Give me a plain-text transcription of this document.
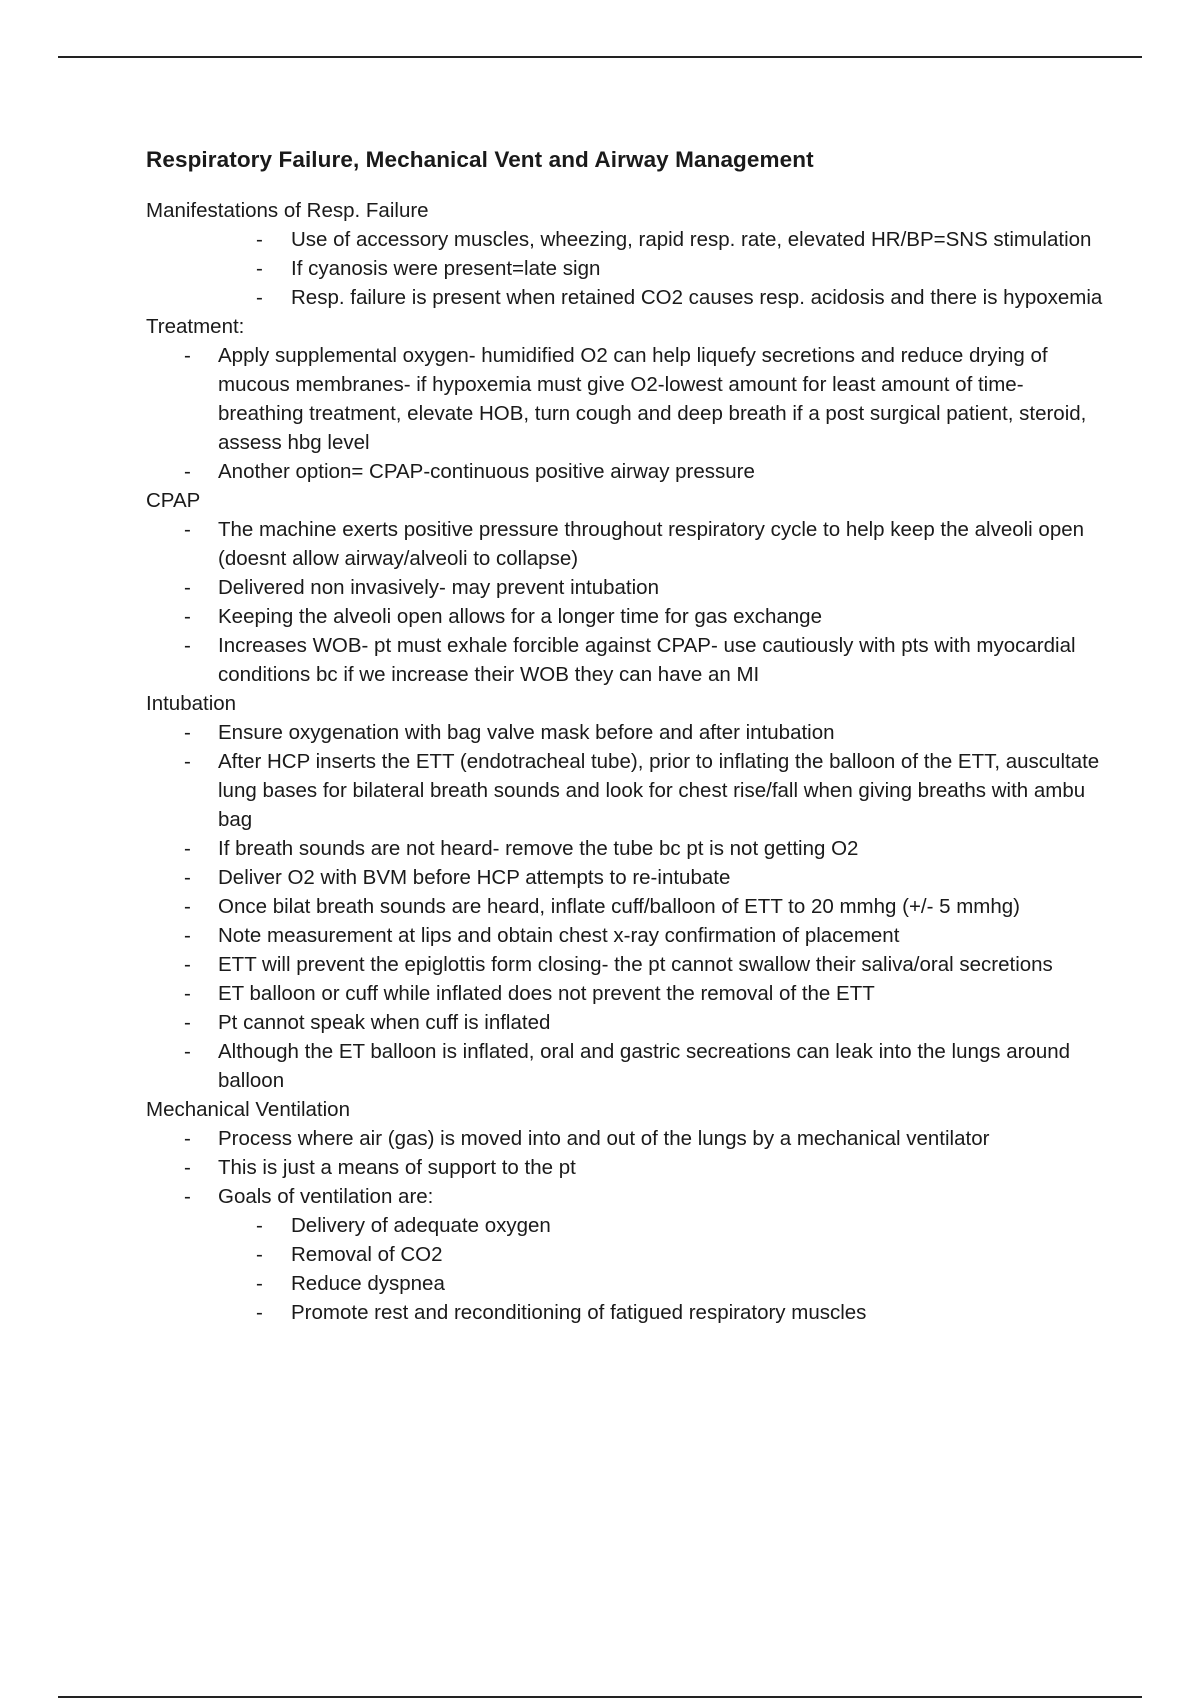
Respiratory Failure, Mechanical Vent and Airway Management

Manifestations of Resp. Failure

- Use of accessory muscles, wheezing, rapid resp. rate, elevated HR/BP=SNS stimulation
- If cyanosis were present=late sign
- Resp. failure is present when retained CO2 causes resp. acidosis and there is hypoxemia

Treatment:

- Apply supplemental oxygen- humidified O2 can help liquefy secretions and reduce drying of mucous membranes- if hypoxemia must give O2-lowest amount for least amount of time- breathing treatment, elevate HOB, turn cough and deep breath if a post surgical patient, steroid, assess hbg level
- Another option= CPAP-continuous positive airway pressure

CPAP

- The machine exerts positive pressure throughout respiratory cycle to help keep the alveoli open (doesnt allow airway/alveoli to collapse)
- Delivered non invasively- may prevent intubation
- Keeping the alveoli open allows for a longer time for gas exchange
- Increases WOB- pt must exhale forcible against CPAP- use cautiously with pts with myocardial conditions bc if we increase their WOB they can have an MI

Intubation

- Ensure oxygenation with bag valve mask before and after intubation
- After HCP inserts the ETT (endotracheal tube), prior to inflating the balloon of the ETT, auscultate lung bases for bilateral breath sounds and look for chest rise/fall when giving breaths with ambu bag
- If breath sounds are not heard- remove the tube bc pt is not getting O2
- Deliver O2 with BVM before HCP attempts to re-intubate
- Once bilat breath sounds are heard, inflate cuff/balloon of ETT to 20 mmhg (+/- 5 mmhg)
- Note measurement at lips and obtain chest x-ray confirmation of placement
- ETT will prevent the epiglottis form closing- the pt cannot swallow their saliva/oral secretions
- ET balloon or cuff while inflated does not prevent the removal of the ETT
- Pt cannot speak when cuff is inflated
- Although the ET balloon is inflated, oral and gastric secreations can leak into the lungs around balloon

Mechanical Ventilation

- Process where air (gas) is moved into and out of the lungs by a mechanical ventilator
- This is just a means of support to the pt
- Goals of ventilation are:
- Delivery of adequate oxygen
- Removal of CO2
- Reduce dyspnea
- Promote rest and reconditioning of fatigued respiratory muscles
